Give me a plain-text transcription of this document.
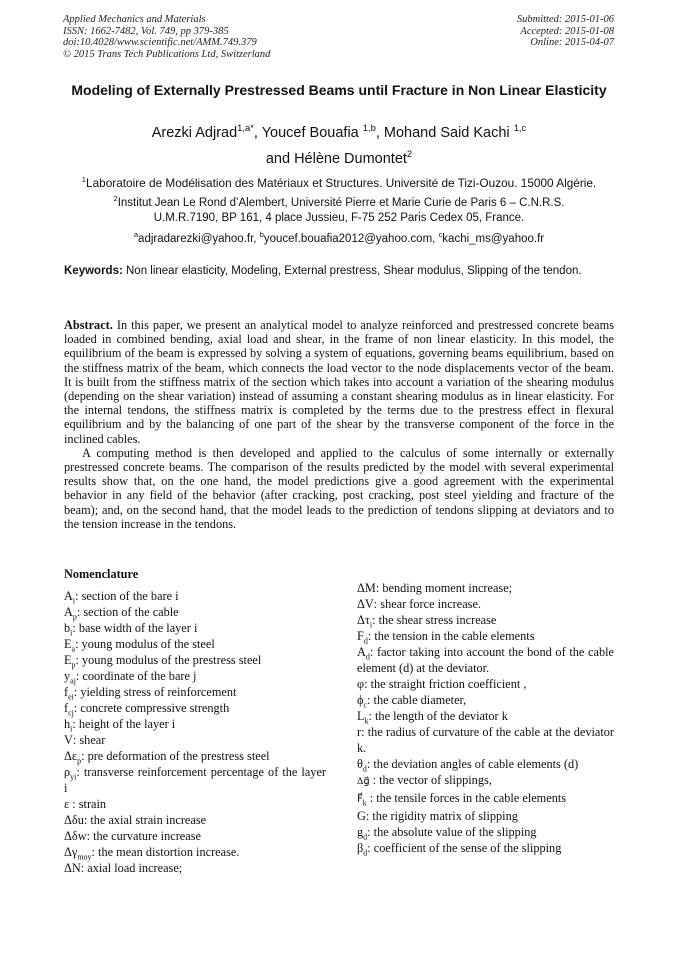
Applied Mechanics and Materials
ISSN: 1662-7482, Vol. 749, pp 379-385
doi:10.4028/www.scientific.net/AMM.749.379
© 2015 Trans Tech Publications Ltd, Switzerland
Submitted: 2015-01-06
Accepted: 2015-01-08
Online: 2015-04-07
Modeling of Externally Prestressed Beams until Fracture in Non Linear Elasticity
Arezki Adjrad$^{1,a*}$, Youcef Bouafia $^{1,b}$, Mohand Said Kachi $^{1,c}$
and Hélène Dumontet$^2$
$^1$Laboratoire de Modélisation des Matériaux et Structures. Université de Tizi-Ouzou. 15000 Algérie.
$^2$Institut Jean Le Rond d’Alembert, Université Pierre et Marie Curie de Paris 6 – C.N.R.S.
U.M.R.7190, BP 161, 4 place Jussieu, F-75 252 Paris Cedex 05, France.
$^a$adjradarezki@yahoo.fr, $^b$youcef.bouafia2012@yahoo.com, $^c$kachi_ms@yahoo.fr
Keywords: Non linear elasticity, Modeling, External prestress, Shear modulus, Slipping of the tendon.

Abstract. In this paper, we present an analytical model to analyze reinforced and prestressed concrete beams loaded in combined bending, axial load and shear, in the frame of non linear elasticity. In this model, the equilibrium of the beam is expressed by solving a system of equations, governing beams equilibrium, based on the stiffness matrix of the beam, which connects the load vector to the node displacements vector of the beam. It is built from the stiffness matrix of the section which takes into account a variation of the shearing modulus (depending on the shear variation) instead of assuming a constant shearing modulus as in linear elasticity. For the internal tendons, the stiffness matrix is completed by the terms due to the prestress effect in flexural equilibrium and by the balancing of one part of the shear by the transverse component of the force in the inclined cables.

A computing method is then developed and applied to the calculus of some internally or externally prestressed concrete beams. The comparison of the results predicted by the model with several experimental results show that, on the one hand, the model predictions give a good agreement with the experimental behavior in any field of the behavior (after cracking, post cracking, post steel yielding and fracture of the beam); and, on the second hand, that the model leads to the prediction of tendons slipping at deviators and to the tension increase in the tendons.

Nomenclature
$A_i$: section of the bare i
$A_p$: section of the cable
$b_i$: base width of the layer i
$E_a$: young modulus of the steel
$E_p$: young modulus of the prestress steel
$y_{aj}$: coordinate of the bare j
$f_{ei}$: yielding stress of reinforcement
$f_{cj}$: concrete compressive strength
$h_i$: height of the layer i
V: shear
$\Delta\varepsilon_p$: pre deformation of the prestress steel
$\rho_{yi}$: transverse reinforcement percentage of the layer i
ε : strain
Δδu: the axial strain increase
Δδw: the curvature increase
$\Delta\gamma_{moy}$: the mean distortion increase.
ΔN: axial load increase;
ΔM: bending moment increase;
ΔV: shear force increase.
$\Delta\tau_i$: the shear stress increase
$F_d$: the tension in the cable elements
$A_d$: factor taking into account the bond of the cable element (d) at the deviator.
φ: the straight friction coefficient ,
$\phi_c$: the cable diameter,
$L_k$: the length of the deviator k
r: the radius of curvature of the cable at the deviator k.
$\theta_d$: the deviation angles of cable elements (d)
Δg⃗ : the vector of slippings,
$F⃗_k$ : the tensile forces in the cable elements
G: the rigidity matrix of slipping
$g_d$: the absolute value of the slipping
$\beta_d$: coefficient of the sense of the slipping
